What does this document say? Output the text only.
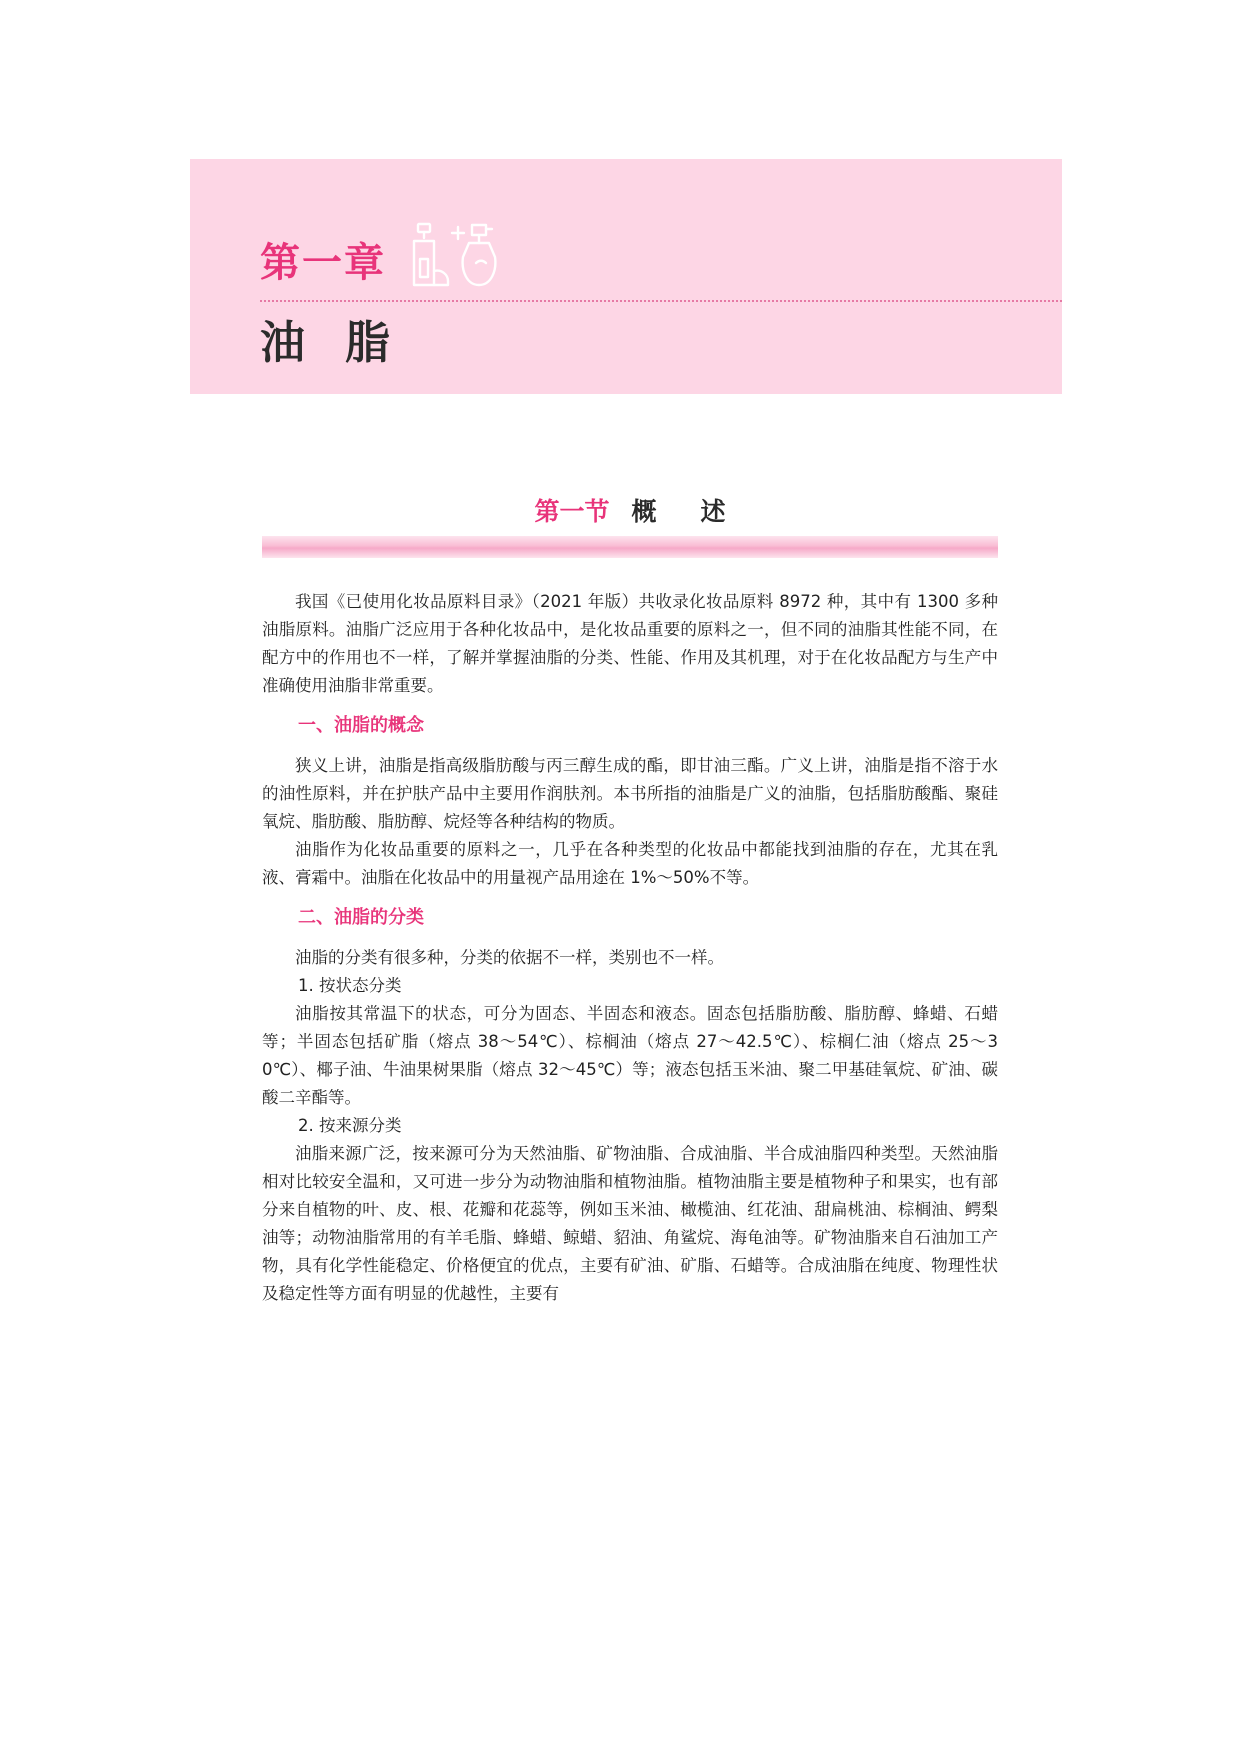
第一章
油 脂
第一节 概 述

我国《已使用化妆品原料目录》（2021 年版）共收录化妆品原料 8972 种，其中有 1300 多种油脂原料。油脂广泛应用于各种化妆品中，是化妆品重要的原料之一，但不同的油脂其性能不同，在配方中的作用也不一样，了解并掌握油脂的分类、性能、作用及其机理，对于在化妆品配方与生产中准确使用油脂非常重要。

一、油脂的概念

狭义上讲，油脂是指高级脂肪酸与丙三醇生成的酯，即甘油三酯。广义上讲，油脂是指不溶于水的油性原料，并在护肤产品中主要用作润肤剂。本书所指的油脂是广义的油脂，包括脂肪酸酯、聚硅氧烷、脂肪酸、脂肪醇、烷烃等各种结构的物质。

油脂作为化妆品重要的原料之一，几乎在各种类型的化妆品中都能找到油脂的存在，尤其在乳液、膏霜中。油脂在化妆品中的用量视产品用途在 1%～50%不等。

二、油脂的分类

油脂的分类有很多种，分类的依据不一样，类别也不一样。

1. 按状态分类

油脂按其常温下的状态，可分为固态、半固态和液态。固态包括脂肪酸、脂肪醇、蜂蜡、石蜡等；半固态包括矿脂（熔点 38～54℃）、棕榈油（熔点 27～42.5℃）、棕榈仁油（熔点 25～30℃）、椰子油、牛油果树果脂（熔点 32～45℃）等；液态包括玉米油、聚二甲基硅氧烷、矿油、碳酸二辛酯等。

2. 按来源分类

油脂来源广泛，按来源可分为天然油脂、矿物油脂、合成油脂、半合成油脂四种类型。天然油脂相对比较安全温和，又可进一步分为动物油脂和植物油脂。植物油脂主要是植物种子和果实，也有部分来自植物的叶、皮、根、花瓣和花蕊等，例如玉米油、橄榄油、红花油、甜扁桃油、棕榈油、鳄梨油等；动物油脂常用的有羊毛脂、蜂蜡、鲸蜡、貂油、角鲨烷、海龟油等。矿物油脂来自石油加工产物，具有化学性能稳定、价格便宜的优点，主要有矿油、矿脂、石蜡等。合成油脂在纯度、物理性状及稳定性等方面有明显的优越性，主要有
